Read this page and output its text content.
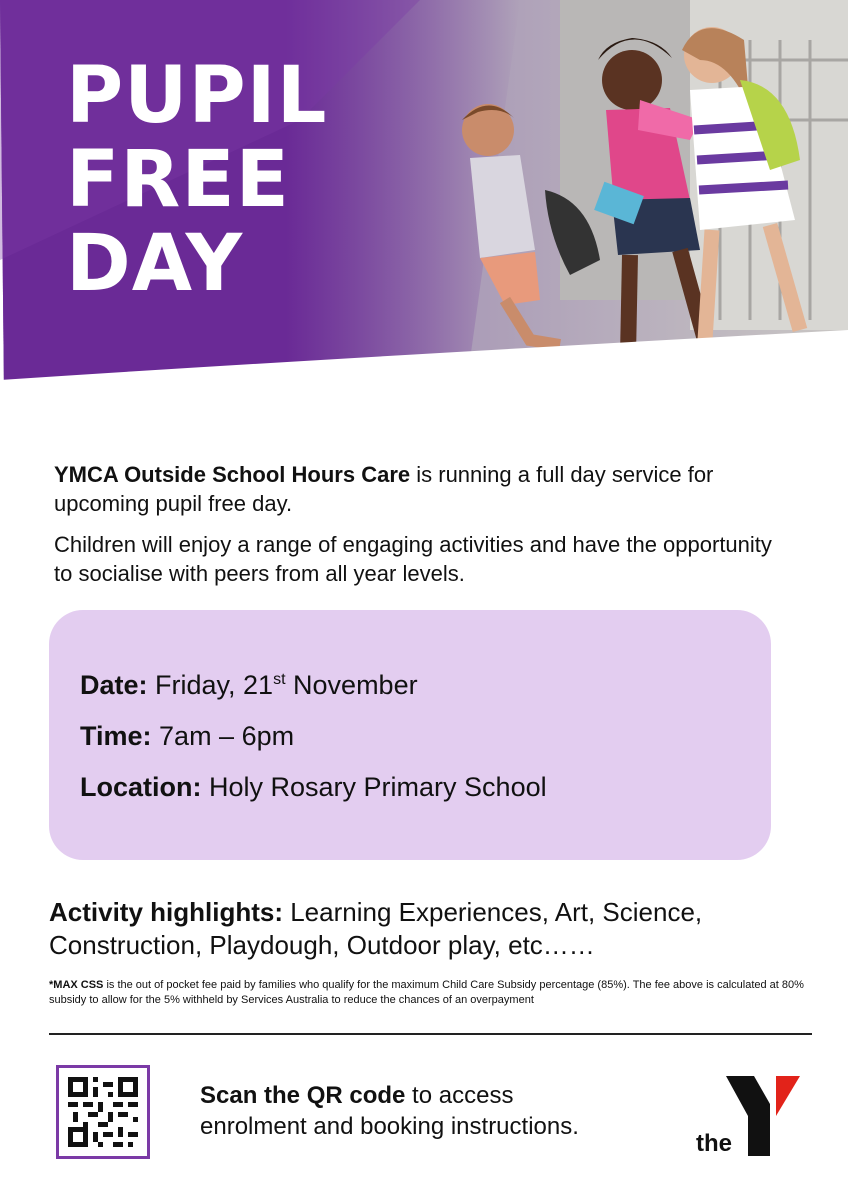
PUPIL
FREE
DAY

YMCA Outside School Hours Care is running a full day service for upcoming pupil free day.

Children will enjoy a range of engaging activities and have the opportunity to socialise with peers from all year levels.

Date: Friday, 21st November
Time: 7am – 6pm
Location: Holy Rosary Primary School
Activity highlights: Learning Experiences, Art, Science, Construction, Playdough, Outdoor play, etc……
*MAX CSS is the out of pocket fee paid by families who qualify for the maximum Child Care Subsidy percentage (85%). The fee above is calculated at 80% subsidy to allow for the 5% withheld by Services Australia to reduce the chances of an overpayment
Scan the QR code to access
enrolment and booking instructions.
the
